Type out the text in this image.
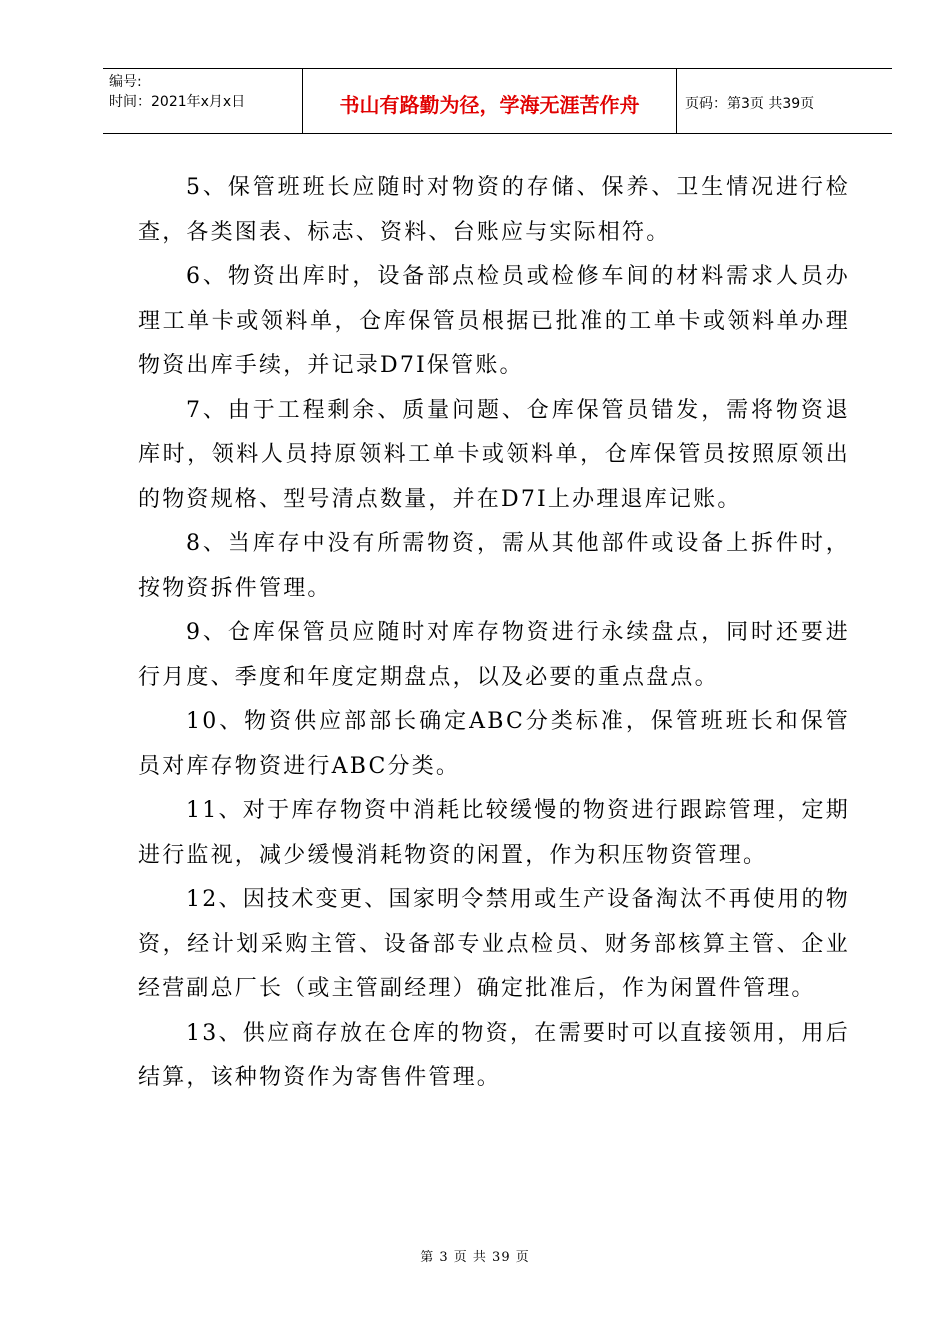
编号:
时间：2021年x月x日	书山有路勤为径，学海无涯苦作舟	页码：第3页 共39页

5、保管班班长应随时对物资的存储、保养、卫生情况进行检查，各类图表、标志、资料、台账应与实际相符。

6、物资出库时，设备部点检员或检修车间的材料需求人员办理工单卡或领料单，仓库保管员根据已批准的工单卡或领料单办理物资出库手续，并记录D7I保管账。

7、由于工程剩余、质量问题、仓库保管员错发，需将物资退库时，领料人员持原领料工单卡或领料单，仓库保管员按照原领出的物资规格、型号清点数量，并在D7I上办理退库记账。

8、当库存中没有所需物资，需从其他部件或设备上拆件时，按物资拆件管理。

9、仓库保管员应随时对库存物资进行永续盘点，同时还要进行月度、季度和年度定期盘点，以及必要的重点盘点。

10、物资供应部部长确定ABC分类标准，保管班班长和保管员对库存物资进行ABC分类。

11、对于库存物资中消耗比较缓慢的物资进行跟踪管理，定期进行监视，减少缓慢消耗物资的闲置，作为积压物资管理。

12、因技术变更、国家明令禁用或生产设备淘汰不再使用的物资，经计划采购主管、设备部专业点检员、财务部核算主管、企业经营副总厂长（或主管副经理）确定批准后，作为闲置件管理。

13、供应商存放在仓库的物资，在需要时可以直接领用，用后结算，该种物资作为寄售件管理。

第 3 页 共 39 页
